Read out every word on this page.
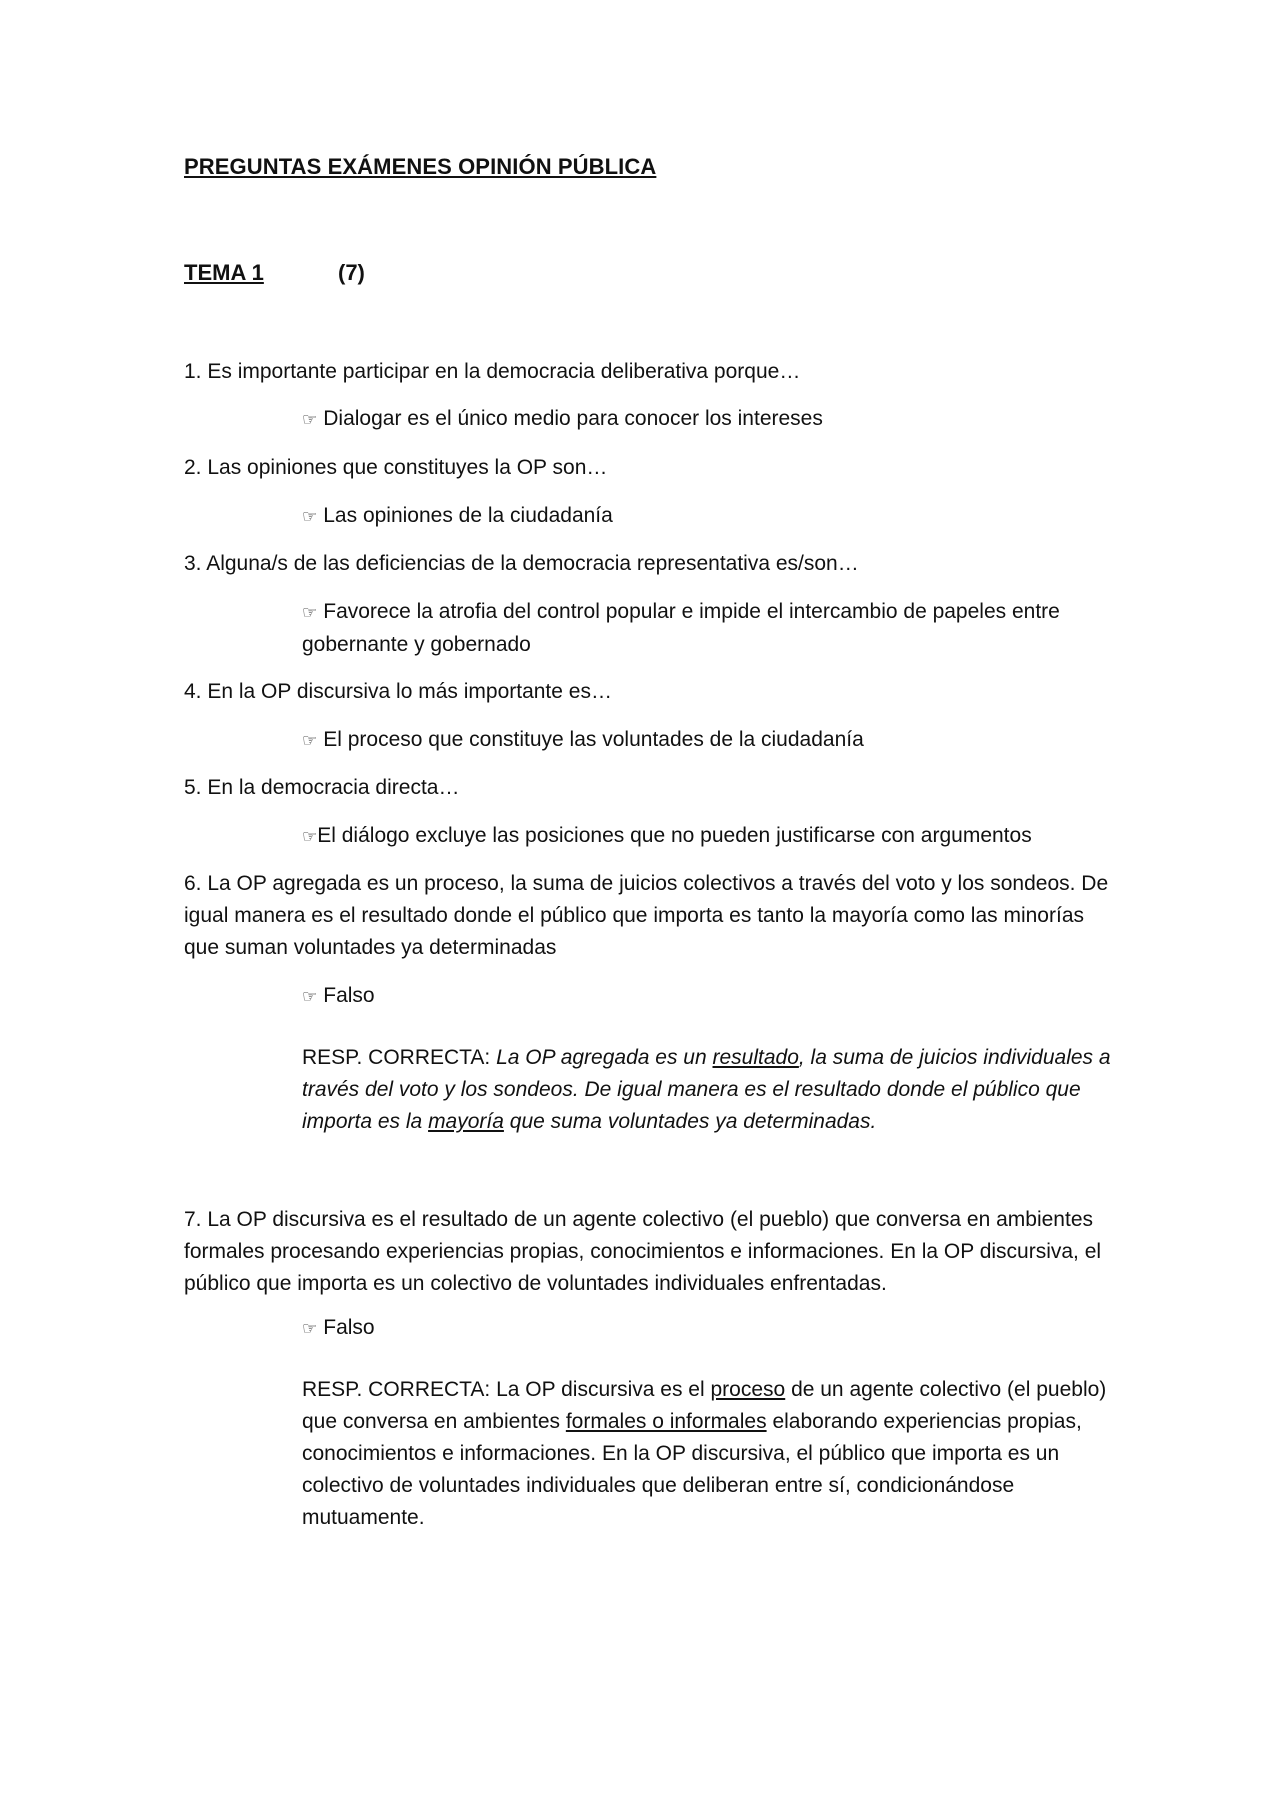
PREGUNTAS EXÁMENES OPINIÓN PÚBLICA
TEMA 1	(7)
1. Es importante participar en la democracia deliberativa porque…
☞ Dialogar es el único medio para conocer los intereses
2. Las opiniones que constituyes la OP son…
☞ Las opiniones de la ciudadanía
3. Alguna/s de las deficiencias de la democracia representativa es/son…
☞ Favorece la atrofia del control popular e impide el intercambio de papeles entre gobernante y gobernado
4. En la OP discursiva lo más importante es…
☞ El proceso que constituye las voluntades de la ciudadanía
5. En la democracia directa…
☞El diálogo excluye las posiciones que no pueden justificarse con argumentos
6. La OP agregada es un proceso, la suma de juicios colectivos a través del voto y los sondeos. De igual manera es el resultado donde el público que importa es tanto la mayoría como las minorías que suman voluntades ya determinadas
☞ Falso
RESP. CORRECTA: La OP agregada es un resultado, la suma de juicios individuales a través del voto y los sondeos. De igual manera es el resultado donde el público que importa es la mayoría que suma voluntades ya determinadas.
7. La OP discursiva es el resultado de un agente colectivo (el pueblo) que conversa en ambientes formales procesando experiencias propias, conocimientos e informaciones. En la OP discursiva, el público que importa es un colectivo de voluntades individuales enfrentadas.
☞ Falso
RESP. CORRECTA: La OP discursiva es el proceso de un agente colectivo (el pueblo) que conversa en ambientes formales o informales elaborando experiencias propias, conocimientos e informaciones. En la OP discursiva, el público que importa es un colectivo de voluntades individuales que deliberan entre sí, condicionándose mutuamente.
